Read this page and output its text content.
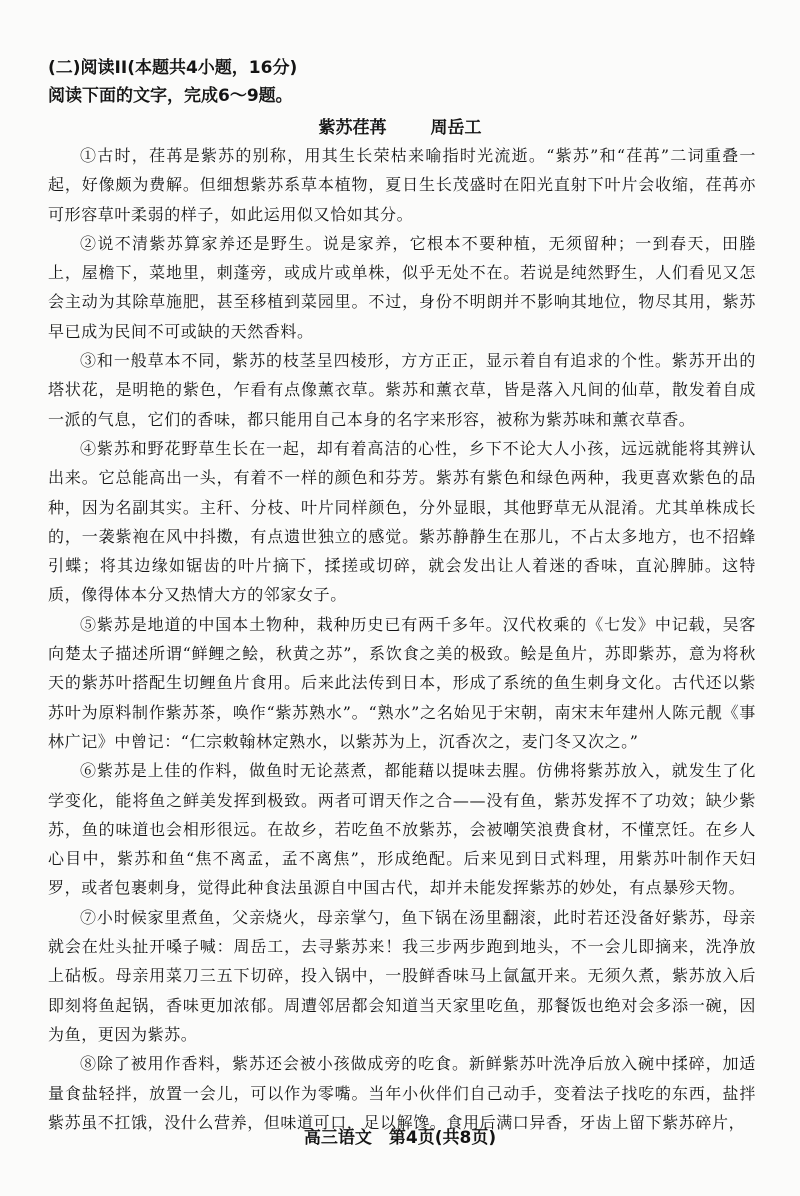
(二)阅读II(本题共4小题，16分)
阅读下面的文字，完成6～9题。
紫苏荏苒	周岳工

①古时，荏苒是紫苏的别称，用其生长荣枯来喻指时光流逝。“紫苏”和“荏苒”二词重叠一起，好像颇为费解。但细想紫苏系草本植物，夏日生长茂盛时在阳光直射下叶片会收缩，荏苒亦可形容草叶柔弱的样子，如此运用似又恰如其分。

②说不清紫苏算家养还是野生。说是家养，它根本不要种植，无须留种；一到春天，田塍上，屋檐下，菜地里，刺蓬旁，或成片或单株，似乎无处不在。若说是纯然野生，人们看见又怎会主动为其除草施肥，甚至移植到菜园里。不过，身份不明朗并不影响其地位，物尽其用，紫苏早已成为民间不可或缺的天然香料。

③和一般草本不同，紫苏的枝茎呈四棱形，方方正正，显示着自有追求的个性。紫苏开出的塔状花，是明艳的紫色，乍看有点像薰衣草。紫苏和薰衣草，皆是落入凡间的仙草，散发着自成一派的气息，它们的香味，都只能用自己本身的名字来形容，被称为紫苏味和薰衣草香。

④紫苏和野花野草生长在一起，却有着高洁的心性，乡下不论大人小孩，远远就能将其辨认出来。它总能高出一头，有着不一样的颜色和芬芳。紫苏有紫色和绿色两种，我更喜欢紫色的品种，因为名副其实。主秆、分枝、叶片同样颜色，分外显眼，其他野草无从混淆。尤其单株成长的，一袭紫袍在风中抖擞，有点遗世独立的感觉。紫苏静静生在那儿，不占太多地方，也不招蜂引蝶；将其边缘如锯齿的叶片摘下，揉搓或切碎，就会发出让人着迷的香味，直沁脾肺。这特质，像得体本分又热情大方的邻家女子。

⑤紫苏是地道的中国本土物种，栽种历史已有两千多年。汉代枚乘的《七发》中记载，吴客向楚太子描述所谓“鲜鲤之鲙，秋黄之苏”，系饮食之美的极致。鲙是鱼片，苏即紫苏，意为将秋天的紫苏叶搭配生切鲤鱼片食用。后来此法传到日本，形成了系统的鱼生刺身文化。古代还以紫苏叶为原料制作紫苏茶，唤作“紫苏熟水”。“熟水”之名始见于宋朝，南宋末年建州人陈元靓《事林广记》中曾记：“仁宗敕翰林定熟水，以紫苏为上，沉香次之，麦门冬又次之。”

⑥紫苏是上佳的作料，做鱼时无论蒸煮，都能藉以提味去腥。仿佛将紫苏放入，就发生了化学变化，能将鱼之鲜美发挥到极致。两者可谓天作之合——没有鱼，紫苏发挥不了功效；缺少紫苏，鱼的味道也会相形很远。在故乡，若吃鱼不放紫苏，会被嘲笑浪费食材，不懂烹饪。在乡人心目中，紫苏和鱼“焦不离孟，孟不离焦”，形成绝配。后来见到日式料理，用紫苏叶制作天妇罗，或者包裹刺身，觉得此种食法虽源自中国古代，却并未能发挥紫苏的妙处，有点暴殄天物。

⑦小时候家里煮鱼，父亲烧火，母亲掌勺，鱼下锅在汤里翻滚，此时若还没备好紫苏，母亲就会在灶头扯开嗓子喊：周岳工，去寻紫苏来！我三步两步跑到地头，不一会儿即摘来，洗净放上砧板。母亲用菜刀三五下切碎，投入锅中，一股鲜香味马上氤氲开来。无须久煮，紫苏放入后即刻将鱼起锅，香味更加浓郁。周遭邻居都会知道当天家里吃鱼，那餐饭也绝对会多添一碗，因为鱼，更因为紫苏。

⑧除了被用作香料，紫苏还会被小孩做成旁的吃食。新鲜紫苏叶洗净后放入碗中揉碎，加适量食盐轻拌，放置一会儿，可以作为零嘴。当年小伙伴们自己动手，变着法子找吃的东西，盐拌紫苏虽不扛饿，没什么营养，但味道可口，足以解馋。食用后满口异香，牙齿上留下紫苏碎片，

高三语文　第4页(共8页)
